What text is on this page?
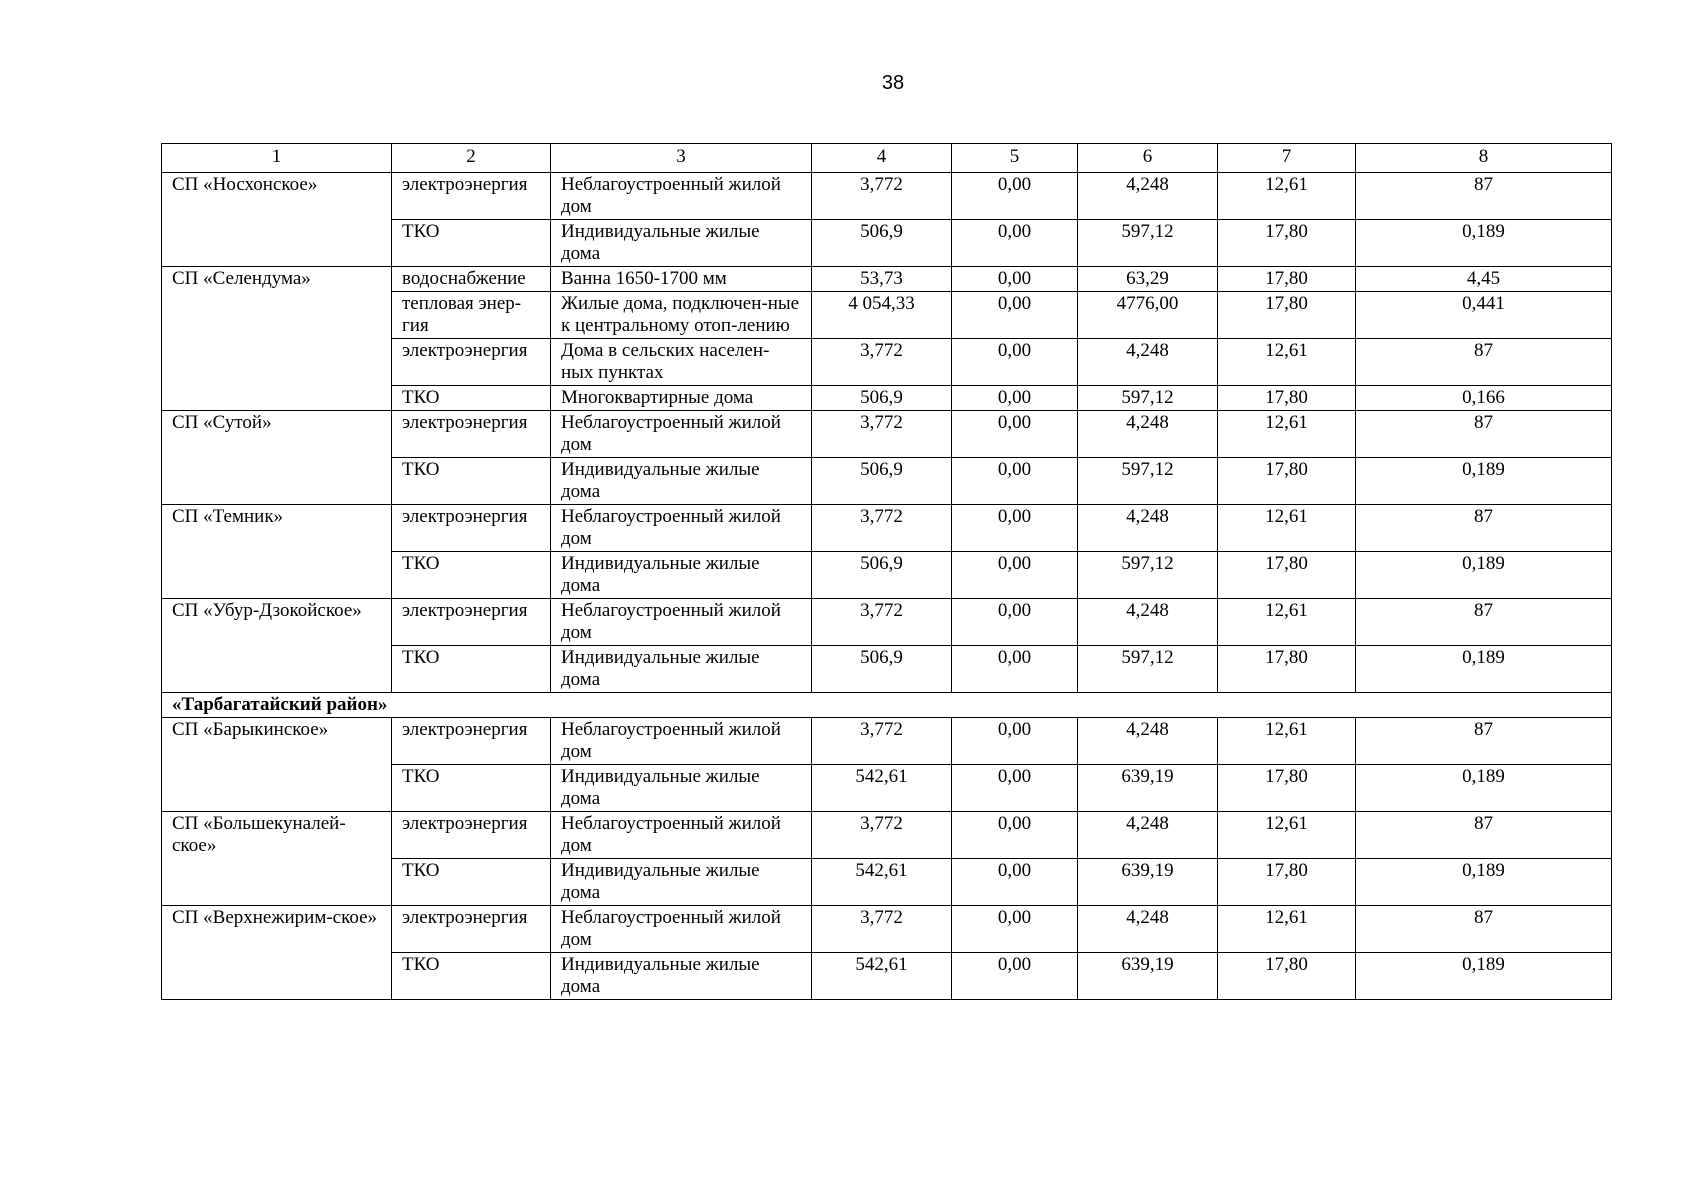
38
1	2	3	4	5	6	7	8
СП «Носхонское»	электроэнергия	Неблагоустроенный жилой дом	3,772	0,00	4,248	12,61	87
	ТКО	Индивидуальные жилые дома	506,9	0,00	597,12	17,80	0,189
СП «Селендума»	водоснабжение	Ванна 1650-1700 мм	53,73	0,00	63,29	17,80	4,45
	тепловая энер-гия	Жилые дома, подключен-ные к центральному отоп-лению	4 054,33	0,00	4776,00	17,80	0,441
	электроэнергия	Дома в сельских населен-ных пунктах	3,772	0,00	4,248	12,61	87
	ТКО	Многоквартирные дома	506,9	0,00	597,12	17,80	0,166
СП «Сутой»	электроэнергия	Неблагоустроенный жилой дом	3,772	0,00	4,248	12,61	87
	ТКО	Индивидуальные жилые дома	506,9	0,00	597,12	17,80	0,189
СП «Темник»	электроэнергия	Неблагоустроенный жилой дом	3,772	0,00	4,248	12,61	87
	ТКО	Индивидуальные жилые дома	506,9	0,00	597,12	17,80	0,189
СП «Убур-Дзокойское»	электроэнергия	Неблагоустроенный жилой дом	3,772	0,00	4,248	12,61	87
	ТКО	Индивидуальные жилые дома	506,9	0,00	597,12	17,80	0,189
«Тарбагатайский район»							
СП «Барыкинское»	электроэнергия	Неблагоустроенный жилой дом	3,772	0,00	4,248	12,61	87
	ТКО	Индивидуальные жилые дома	542,61	0,00	639,19	17,80	0,189
СП «Большекуналей-ское»	электроэнергия	Неблагоустроенный жилой дом	3,772	0,00	4,248	12,61	87
	ТКО	Индивидуальные жилые дома	542,61	0,00	639,19	17,80	0,189
СП «Верхнежирим-ское»	электроэнергия	Неблагоустроенный жилой дом	3,772	0,00	4,248	12,61	87
	ТКО	Индивидуальные жилые дома	542,61	0,00	639,19	17,80	0,189
